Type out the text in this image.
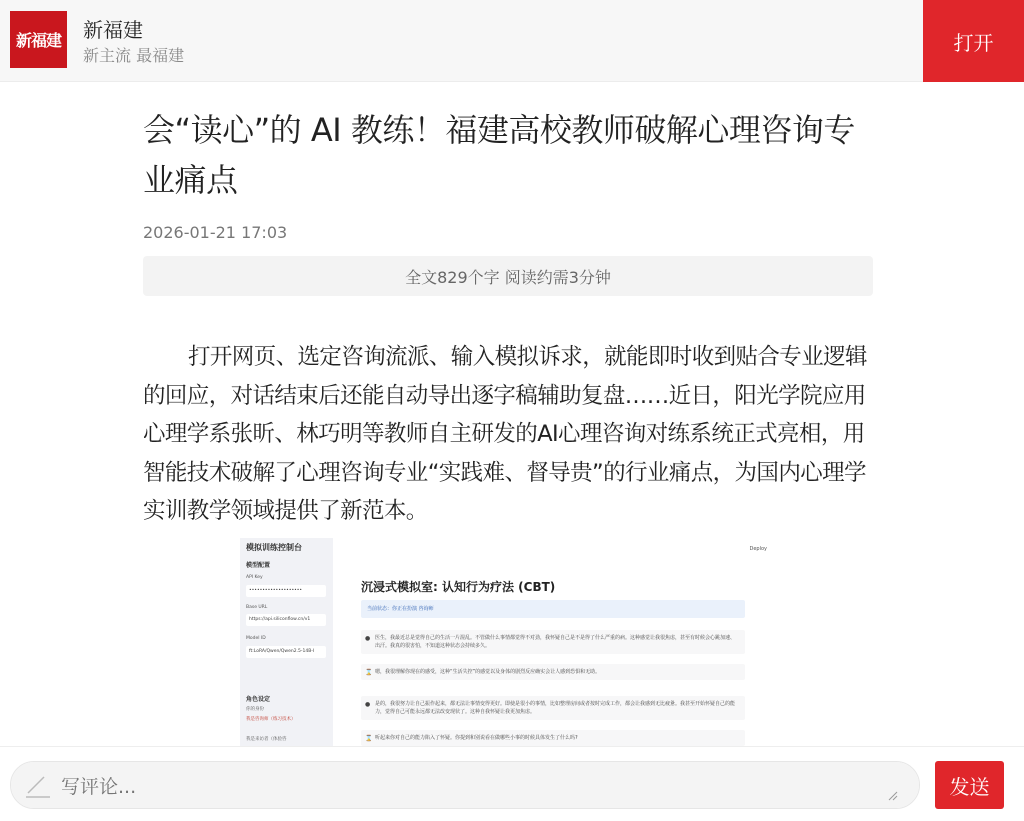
新福建 新福建
新主流 最福建
打开
会“读心”的 AI 教练！福建高校教师破解心理咨询专业痛点
2026-01-21 17:03
全文829个字 阅读约需3分钟

打开网页、选定咨询流派、输入模拟诉求，就能即时收到贴合专业逻辑的回应，对话结束后还能自动导出逐字稿辅助复盘……近日，阳光学院应用心理学系张昕、林巧明等教师自主研发的AI心理咨询对练系统正式亮相，用智能技术破解了心理咨询专业“实践难、督导贵”的行业痛点，为国内心理学实训教学领域提供了新范本。

模拟训练控制台
模型配置
API Key
••••••••••••••••••••
Base URL
https://api.siliconflow.cn/v1
Model ID
ft:LoRA/Qwen/Qwen2.5-14B-I
角色设定
你的身份
我是咨询师（练习技术）
我是来访者（体验咨
Deploy
沉浸式模拟室: 认知行为疗法 (CBT)
当前状态：你正在扮演 咨询师
● 医生，我最近总是觉得自己的生活一片混乱。不管做什么事情都觉得不对劲，我怀疑自己是不是得了什么严重的病。这种感觉让我很焦虑，甚至有时候会心跳加速、出汗。我真的很害怕，不知道这种状态会持续多久。
⌛ 嗯，我很理解你现在的感受，这种“生活失控”的感觉以及身体的剧烈反应确实会让人感到恐惧和无助。
● 是的，我很努力让自己振作起来，都无法让事情变得更好。即使是很小的事情，比如整理房间或者按时完成工作，都会让我感到无比疲惫。我甚至开始怀疑自己的能力，觉得自己可能永远都无法改变现状了。这种自我怀疑让我更加焦虑。
⌛ 听起来你对自己的能力陷入了怀疑。你提到和别说看在做哪些小事的时候具体发生了什么吗?
写评论...
发送
